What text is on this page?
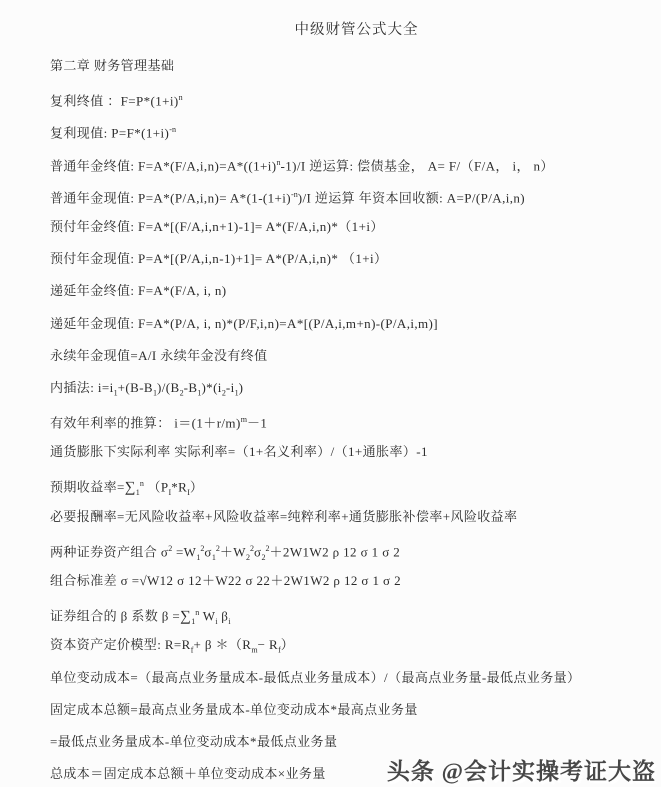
中级财管公式大全
第二章 财务管理基础
复利终值 ：$F=P*(1+i)^n$
复利现值: $P=F*(1+i)^{-n}$
普通年金终值: $F=A*(F/A,i,n)=A*((1+i)^n-1)/I$ 逆运算: 偿债基金， A= F/（F/A， i， n）
普通年金现值: $P=A*(P/A,i,n)= A*(1-(1+i)^{-n})/I$ 逆运算 年资本回收额: A=P/(P/A,i,n)
预付年金终值: F=A*[(F/A,i,n+1)-1]= A*(F/A,i,n)*（1+i）
预付年金现值: P=A*[(P/A,i,n-1)+1]= A*(P/A,i,n)* （1+i）
递延年金终值: F=A*(F/A, i, n)
递延年金现值: F=A*(P/A, i, n)*(P/F,i,n)=A*[(P/A,i,m+n)-(P/A,i,m)]
永续年金现值=A/I 永续年金没有终值
内插法: $i=i_1+(B-B_1)/(B_2-B_1)*(i_2-i_1)$
有效年利率的推算： $i=(1+r/m)^m-1$
通货膨胀下实际利率 实际利率=（1+名义利率）/（1+通胀率）-1
预期收益率$=\sum_1^n$ $(P_I*R_I)$
必要报酬率=无风险收益率+风险收益率=纯粹利率+通货膨胀补偿率+风险收益率
两种证券资产组合 $\sigma^2 =W_1^2\sigma_1^2+W_2^2\sigma_2^2+2W1W2$ ρ 12 σ 1 σ 2
组合标准差 σ =√W12 σ 12＋W22 σ 22＋2W1W2 ρ 12 σ 1 σ 2
证券组合的 β 系数 $\beta =\sum_1^n$ $W_i$ $\beta_i$
资本资产定价模型: $R=R_f+ \beta$ $*(R_m- R_f)$
单位变动成本=（最高点业务量成本-最低点业务量成本）/（最高点业务量-最低点业务量）
固定成本总额=最高点业务量成本-单位变动成本*最高点业务量
=最低点业务量成本-单位变动成本*最低点业务量
总成本＝固定成本总额＋单位变动成本×业务量	头条 @会计实操考证大盗
